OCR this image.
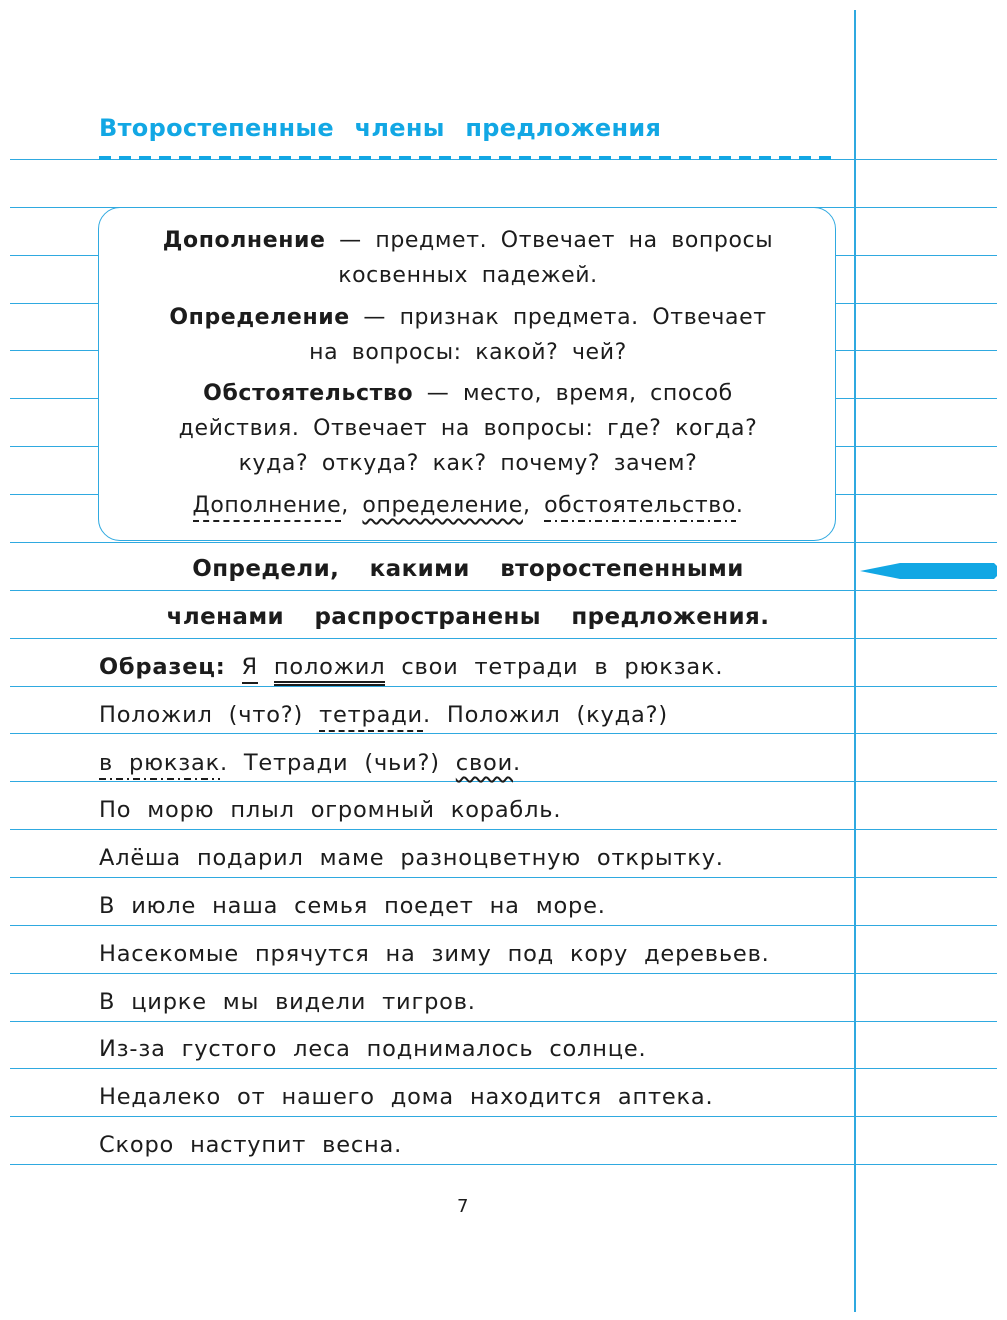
Второстепенные члены предложения
Дополнение — предмет. Отвечает на вопросы
косвенных падежей.
Определение — признак предмета. Отвечает
на вопросы: какой? чей?
Обстоятельство — место, время, способ
действия. Отвечает на вопросы: где? когда?
куда? откуда? как? почему? зачем?
Дополнение, определение, обстоятельство.
Определи, какими второстепенными
членами распространены предложения.
Образец: Я положил свои тетради в рюкзак.
Положил (что?) тетради. Положил (куда?)
в рюкзак. Тетради (чьи?) свои.
По морю плыл огромный корабль.
Алёша подарил маме разноцветную открытку.
В июле наша семья поедет на море.
Насекомые прячутся на зиму под кору деревьев.
В цирке мы видели тигров.
Из-за густого леса поднималось солнце.
Недалеко от нашего дома находится аптека.
Скоро наступит весна.
7
